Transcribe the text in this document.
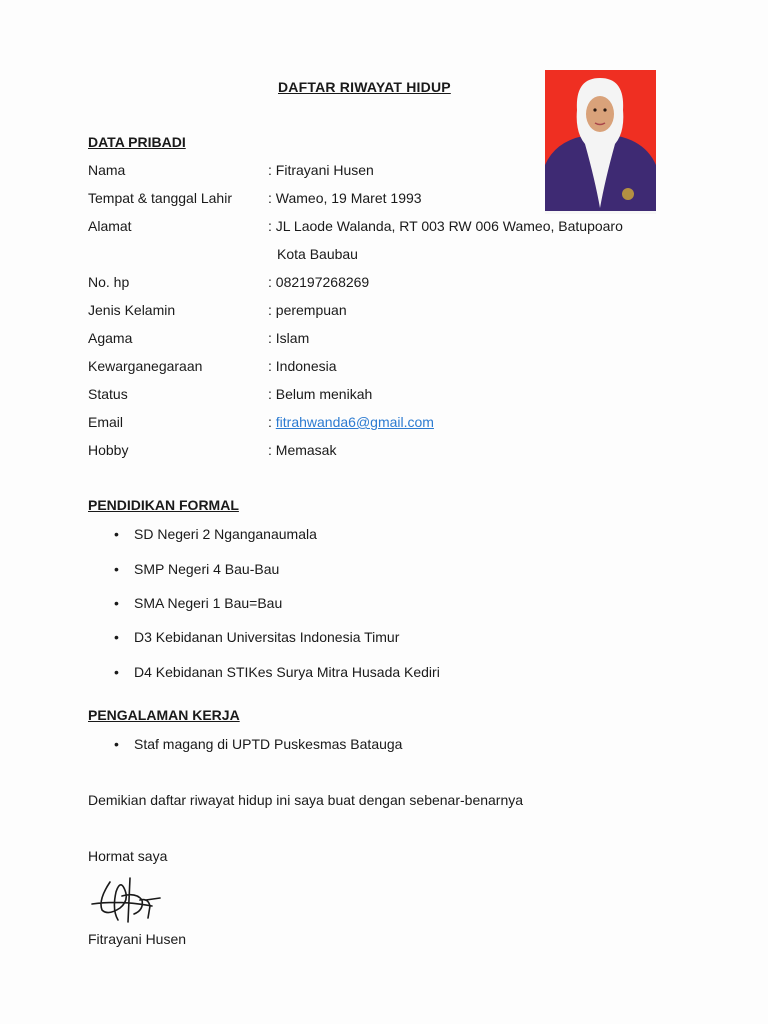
DAFTAR RIWAYAT HIDUP
DATA PRIBADI
Nama	: Fitrayani Husen
Tempat & tanggal Lahir	: Wameo, 19 Maret 1993
Alamat	: JL Laode Walanda, RT 003 RW 006 Wameo, Batupoaro
Kota Baubau
No. hp	: 082197268269
Jenis Kelamin	: perempuan
Agama	: Islam
Kewarganegaraan	: Indonesia
Status	: Belum menikah
Email	: fitrahwanda6@gmail.com
Hobby	: Memasak
PENDIDIKAN FORMAL
• SD Negeri 2 Nganganaumala
• SMP Negeri 4 Bau-Bau
• SMA Negeri 1 Bau=Bau
• D3 Kebidanan Universitas Indonesia Timur
• D4 Kebidanan STIKes Surya Mitra Husada Kediri
PENGALAMAN KERJA
• Staf magang di UPTD Puskesmas Batauga
Demikian daftar riwayat hidup ini saya buat dengan sebenar-benarnya
Hormat saya
Fitrayani Husen
